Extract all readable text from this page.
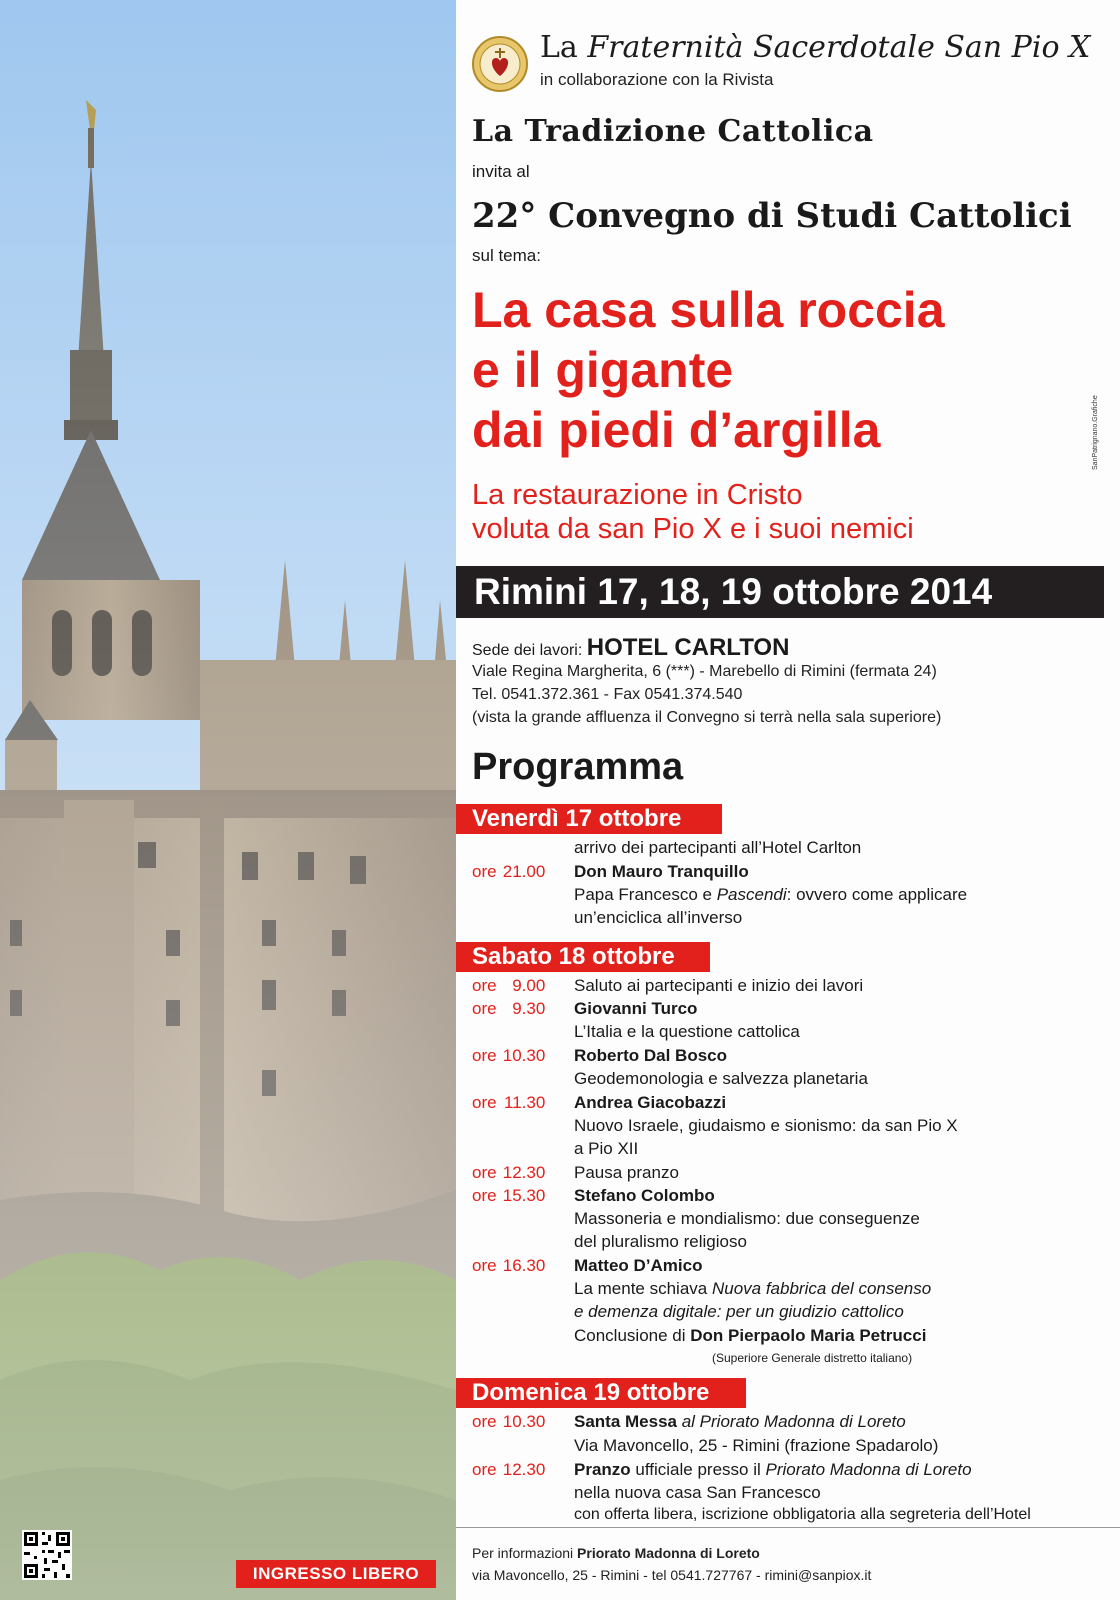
INGRESSO LIBERO
La Fraternità Sacerdotale San Pio X
in collaborazione con la Rivista
La Tradizione Cattolica
invita al
22° Convegno di Studi Cattolici
sul tema:
La casa sulla roccia
e il gigante
dai piedi d’argilla
La restaurazione in Cristo
voluta da san Pio X e i suoi nemici
SanPatrignano.Grafiche
Rimini 17, 18, 19 ottobre 2014
Sede dei lavori: HOTEL CARLTON
Viale Regina Margherita, 6 (***) - Marebello di Rimini (fermata 24)
Tel. 0541.372.361 - Fax 0541.374.540
(vista la grande affluenza il Convegno si terrà nella sala superiore)
Programma
Venerdì 17 ottobre
arrivo dei partecipanti all’Hotel Carlton
ore 21.00 Don Mauro Tranquillo
Papa Francesco e Pascendi: ovvero come applicare
un’enciclica all’inverso
Sabato 18 ottobre
ore 9.00 Saluto ai partecipanti e inizio dei lavori
ore 9.30 Giovanni Turco
L’Italia e la questione cattolica
ore 10.30 Roberto Dal Bosco
Geodemonologia e salvezza planetaria
ore 11.30 Andrea Giacobazzi
Nuovo Israele, giudaismo e sionismo: da san Pio X
a Pio XII
ore 12.30 Pausa pranzo
ore 15.30 Stefano Colombo
Massoneria e mondialismo: due conseguenze
del pluralismo religioso
ore 16.30 Matteo D’Amico
La mente schiava Nuova fabbrica del consenso
e demenza digitale: per un giudizio cattolico
Conclusione di Don Pierpaolo Maria Petrucci
(Superiore Generale distretto italiano)
Domenica 19 ottobre
ore 10.30 Santa Messa al Priorato Madonna di Loreto
Via Mavoncello, 25 - Rimini (frazione Spadarolo)
ore 12.30 Pranzo ufficiale presso il Priorato Madonna di Loreto
nella nuova casa San Francesco
con offerta libera, iscrizione obbligatoria alla segreteria dell’Hotel
Per informazioni Priorato Madonna di Loreto
via Mavoncello, 25 - Rimini - tel 0541.727767 - rimini@sanpiox.it
